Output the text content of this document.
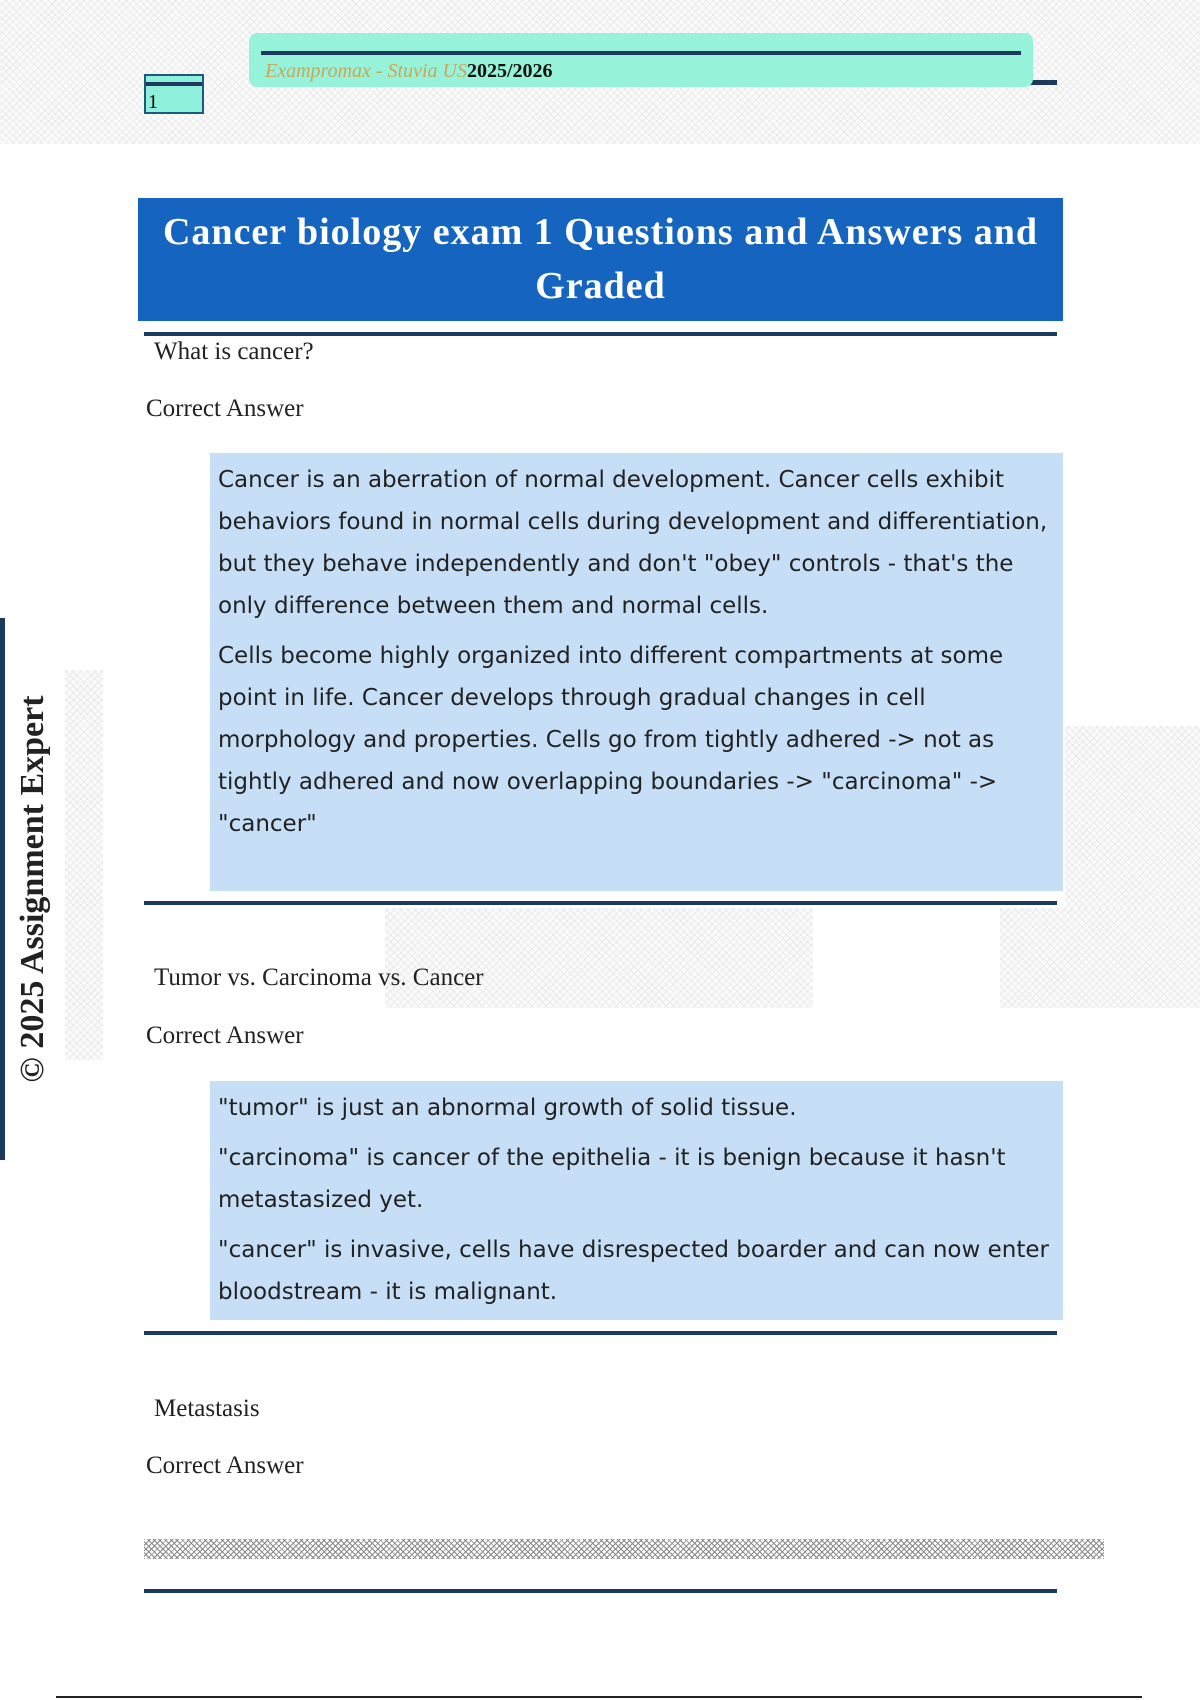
1
Exampromax - Stuvia US2025/2026
Cancer biology exam 1 Questions and Answers and Graded
© 2025 Assignment Expert
What is cancer?
Correct Answer

Cancer is an aberration of normal development. Cancer cells exhibit behaviors found in normal cells during development and differentiation, but they behave independently and don't "obey" controls - that's the only difference between them and normal cells.

Cells become highly organized into different compartments at some point in life. Cancer develops through gradual changes in cell morphology and properties. Cells go from tightly adhered -> not as tightly adhered and now overlapping boundaries -> "carcinoma" -> "cancer"

Tumor vs. Carcinoma vs. Cancer
Correct Answer

"tumor" is just an abnormal growth of solid tissue.

"carcinoma" is cancer of the epithelia - it is benign because it hasn't metastasized yet.

"cancer" is invasive, cells have disrespected boarder and can now enter bloodstream - it is malignant.

Metastasis
Correct Answer
